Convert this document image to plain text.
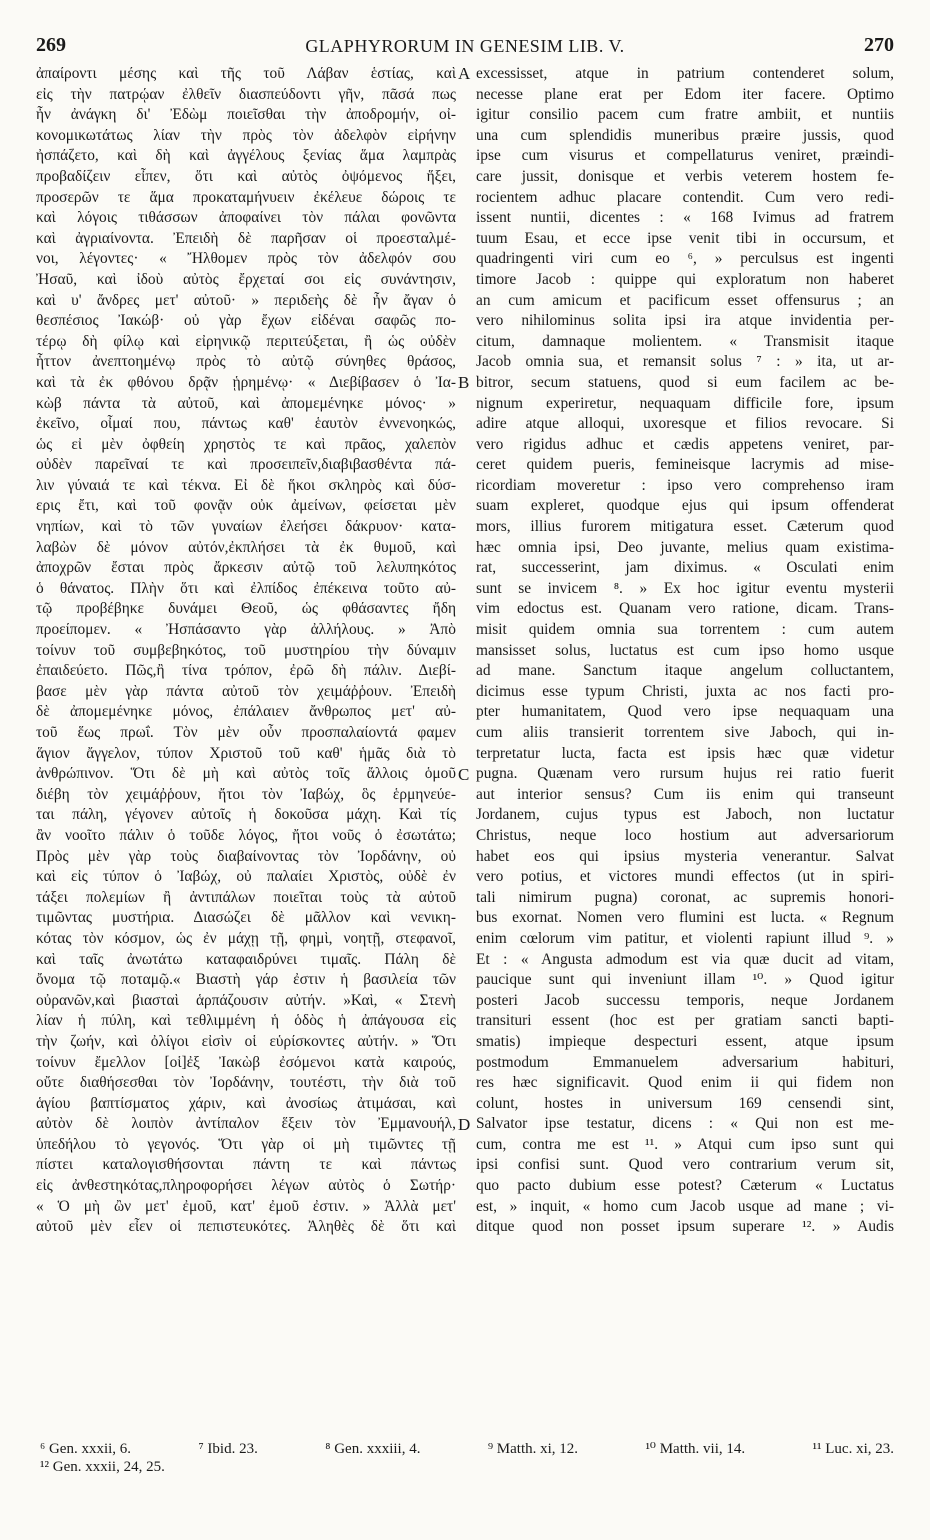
269	GLAPHYRORUM IN GENESIM LIB. V.	270
ἀπαίροντι μέσης καὶ τῆς τοῦ Λάβαν ἑστίας, καὶ
εἰς τὴν πατρῴαν ἐλθεῖν διασπεύδοντι γῆν, πᾶσά πως
ἦν ἀνάγκη δι' Ἐδὼμ ποιεῖσθαι τὴν ἀποδρομήν, οἰ-
κονομικωτάτως λίαν τὴν πρὸς τὸν ἀδελφὸν εἰρήνην
ἠσπάζετο, καὶ δὴ καὶ ἀγγέλους ξενίας ἅμα λαμπρὰς
προβαδίζειν εἶπεν, ὅτι καὶ αὐτὸς ὀψόμενος ἥξει,
προσερῶν τε ἅμα προκαταμήνυειν ἐκέλευε δώροις τε
καὶ λόγοις τιθάσσων ἀποφαίνει τὸν πάλαι φονῶντα
καὶ ἀγριαίνοντα. Ἐπειδὴ δὲ παρῆσαν οἱ προεσταλμέ-
νοι, λέγοντες· « Ἤλθομεν πρὸς τὸν ἀδελφόν σου
Ἠσαῦ, καὶ ἰδοὺ αὐτὸς ἔρχεταί σοι εἰς συνάντησιν,
καὶ υ' ἄνδρες μετ' αὐτοῦ· » περιδεὴς δὲ ἦν ἄγαν ὁ
θεσπέσιος Ἰακώβ· οὐ γὰρ ἔχων εἰδέναι σαφῶς πο-
τέρῳ δὴ φίλῳ καὶ εἰρηνικῷ περιτεύξεται, ἢ ὡς οὐδὲν
ἧττον ἀνεπτοημένῳ πρὸς τὸ αὐτῷ σύνηθες θράσος,
καὶ τὰ ἐκ φθόνου δρᾷν ᾑρημένῳ· « Διεβίβασεν ὁ Ἰα-
κὼβ πάντα τὰ αὐτοῦ, καὶ ἀπομεμένηκε μόνος· »
ἐκεῖνο, οἶμαί που, πάντως καθ' ἑαυτὸν ἐννενοηκώς,
ὡς εἰ μὲν ὀφθείη χρηστὸς τε καὶ πρᾶος, χαλεπὸν
οὐδὲν παρεῖναί τε καὶ προσειπεῖν,διαβιβασθέντα πά-
λιν γύναιά τε καὶ τέκνα. Εἰ δὲ ἥκοι σκληρὸς καὶ δύσ-
ερις ἔτι, καὶ τοῦ φονᾷν οὐκ ἀμείνων, φείσεται μὲν
νηπίων, καὶ τὸ τῶν γυναίων ἐλεήσει δάκρυον· κατα-
λαβὼν δὲ μόνον αὐτόν,ἐκπλήσει τὰ ἐκ θυμοῦ, καὶ
ἀποχρῶν ἔσται πρὸς ἄρκεσιν αὐτῷ τοῦ λελυπηκότος
ὁ θάνατος. Πλὴν ὅτι καὶ ἐλπίδος ἐπέκεινα τοῦτο αὐ-
τῷ προβέβηκε δυνάμει Θεοῦ, ὡς φθάσαντες ἤδη
προείπομεν. « Ἠσπάσαντο γὰρ ἀλλήλους. » Ἀπὸ
τοίνυν τοῦ συμβεβηκότος, τοῦ μυστηρίου τὴν δύναμιν
ἐπαιδεύετο. Πῶς,ἢ τίνα τρόπον, ἐρῶ δὴ πάλιν. Διεβί-
βασε μὲν γὰρ πάντα αὐτοῦ τὸν χειμάῤῥουν. Ἐπειδὴ
δὲ ἀπομεμένηκε μόνος, ἐπάλαιεν ἄνθρωπος μετ' αὐ-
τοῦ ἕως πρωΐ. Τὸν μὲν οὖν προσπαλαίοντά φαμεν
ἅγιον ἄγγελον, τύπον Χριστοῦ τοῦ καθ' ἡμᾶς διὰ τὸ
ἀνθρώπινον. Ὅτι δὲ μὴ καὶ αὐτὸς τοῖς ἄλλοις ὁμοῦ
διέβη τὸν χειμάῤῥουν, ἤτοι τὸν Ἰαβώχ, ὃς ἑρμηνεύε-
ται πάλη, γέγονεν αὐτοῖς ἡ δοκοῦσα μάχη. Καὶ τίς
ἂν νοοῖτο πάλιν ὁ τοῦδε λόγος, ἤτοι νοῦς ὁ ἐσωτάτω;
Πρὸς μὲν γὰρ τοὺς διαβαίνοντας τὸν Ἰορδάνην, οὐ
καὶ εἰς τύπον ὁ Ἰαβώχ, οὐ παλαίει Χριστὸς, οὐδὲ ἐν
τάξει πολεμίων ἢ ἀντιπάλων ποιεῖται τοὺς τὰ αὐτοῦ
τιμῶντας μυστήρια. Διασώζει δὲ μᾶλλον καὶ νενικη-
κότας τὸν κόσμον, ὡς ἐν μάχῃ τῇ, φημὶ, νοητῇ, στεφανοῖ,
καὶ ταῖς ἀνωτάτω καταφαιδρύνει τιμαῖς. Πάλη δὲ
ὄνομα τῷ ποταμῷ.« Βιαστὴ γάρ ἐστιν ἡ βασιλεία τῶν
οὐρανῶν,καὶ βιασταὶ ἁρπάζουσιν αὐτήν. »Καὶ, « Στενὴ
λίαν ἡ πύλη, καὶ τεθλιμμένη ἡ ὁδὸς ἡ ἀπάγουσα εἰς
τὴν ζωήν, καὶ ὀλίγοι εἰσὶν οἱ εὑρίσκοντες αὐτήν. » Ὅτι
τοίνυν ἔμελλον [οἱ]ἐξ Ἰακὼβ ἐσόμενοι κατὰ καιρούς,
οὔτε διαθήσεσθαι τὸν Ἰορδάνην, τουτέστι, τὴν διὰ τοῦ
ἁγίου βαπτίσματος χάριν, καὶ ἀνοσίως ἀτιμάσαι, καὶ
αὐτὸν δὲ λοιπὸν ἀντίπαλον ἕξειν τὸν Ἐμμανουήλ,
ὑπεδήλου τὸ γεγονός. Ὅτι γὰρ οἱ μὴ τιμῶντες τῇ
πίστει καταλογισθήσονται πάντη τε καὶ πάντως
εἰς ἀνθεστηκότας,πληροφορήσει λέγων αὐτὸς ὁ Σωτήρ·
« Ὁ μὴ ὢν μετ' ἐμοῦ, κατ' ἐμοῦ ἐστιν. » Ἀλλὰ μετ'
αὐτοῦ μὲν εἶεν οἱ πεπιστευκότες. Ἀληθὲς δὲ ὅτι καὶ
excessisset, atque in patrium contenderet solum,
necesse plane erat per Edom iter facere. Optimo
igitur consilio pacem cum fratre ambiit, et nuntiis
una cum splendidis muneribus præire jussis, quod
ipse cum visurus et compellaturus veniret, præindi-
care jussit, donisque et verbis veterem hostem fe-
rocientem adhuc placare contendit. Cum vero redi-
issent nuntii, dicentes : « 168 Ivimus ad fratrem
tuum Esau, et ecce ipse venit tibi in occursum, et
quadringenti viri cum eo ⁶, » perculsus est ingenti
timore Jacob : quippe qui exploratum non haberet
an cum amicum et pacificum esset offensurus ; an
vero nihilominus solita ipsi ira atque invidentia per-
citum, damnaque molientem. « Transmisit itaque
Jacob omnia sua, et remansit solus ⁷ : » ita, ut ar-
bitror, secum statuens, quod si eum facilem ac be-
nignum experiretur, nequaquam difficile fore, ipsum
adire atque alloqui, uxoresque et filios revocare. Si
vero rigidus adhuc et cædis appetens veniret, par-
ceret quidem pueris, femineisque lacrymis ad mise-
ricordiam moveretur : ipso vero comprehenso iram
suam expleret, quodque ejus qui ipsum offenderat
mors, illius furorem mitigatura esset. Cæterum quod
hæc omnia ipsi, Deo juvante, melius quam existima-
rat, successerint, jam diximus. « Osculati enim
sunt se invicem ⁸. » Ex hoc igitur eventu mysterii
vim edoctus est. Quanam vero ratione, dicam. Trans-
misit quidem omnia sua torrentem : cum autem
mansisset solus, luctatus est cum ipso homo usque
ad mane. Sanctum itaque angelum colluctantem,
dicimus esse typum Christi, juxta ac nos facti pro-
pter humanitatem, Quod vero ipse nequaquam una
cum aliis transierit torrentem sive Jaboch, qui in-
terpretatur lucta, facta est ipsis hæc quæ videtur
pugna. Quænam vero rursum hujus rei ratio fuerit
aut interior sensus? Cum iis enim qui transeunt
Jordanem, cujus typus est Jaboch, non luctatur
Christus, neque loco hostium aut adversariorum
habet eos qui ipsius mysteria venerantur. Salvat
vero potius, et victores mundi effectos (ut in spiri-
tali nimirum pugna) coronat, ac supremis honori-
bus exornat. Nomen vero flumini est lucta. « Regnum
enim cœlorum vim patitur, et violenti rapiunt illud ⁹. »
Et : « Angusta admodum est via quæ ducit ad vitam,
paucique sunt qui inveniunt illam ¹⁰. » Quod igitur
posteri Jacob successu temporis, neque Jordanem
transituri essent (hoc est per gratiam sancti bapti-
smatis) impieque despecturi essent, atque ipsum
postmodum Emmanuelem adversarium habituri,
res hæc significavit. Quod enim ii qui fidem non
colunt, hostes in universum 169 censendi sint,
Salvator ipse testatur, dicens : « Qui non est me-
cum, contra me est ¹¹. » Atqui cum ipso sunt qui
ipsi confisi sunt. Quod vero contrarium verum sit,
quo pacto dubium esse potest? Cæterum « Luctatus
est, » inquit, « homo cum Jacob usque ad mane ; vi-
ditque quod non posset ipsum superare ¹². » Audis
A
B
C
D
⁶ Gen. xxxii, 6.	⁷ Ibid. 23.	⁸ Gen. xxxiii, 4.	⁹ Matth. xi, 12.	¹⁰ Matth. vii, 14.	¹¹ Luc. xi, 23.
¹² Gen. xxxii, 24, 25.
